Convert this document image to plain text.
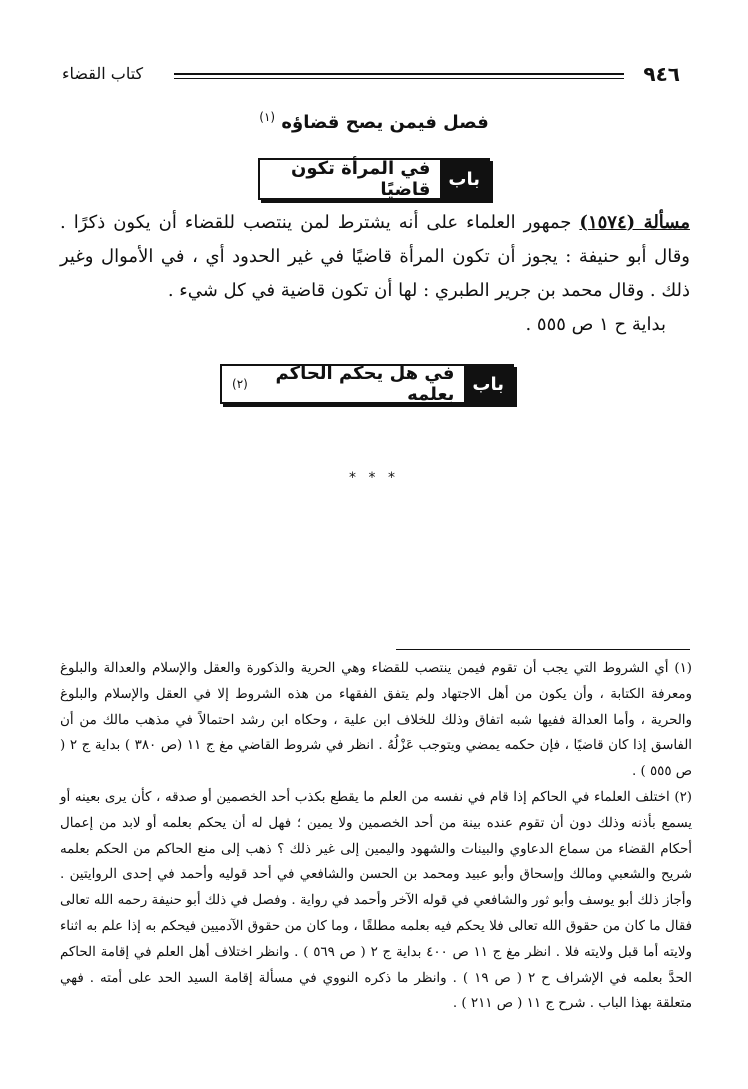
٩٤٦
كتاب القضاء
فصل فيمن يصح قضاؤه $^{(١)}$
باب
في المرأة تكون قاضيًا
مسألة (١٥٧٤) جمهور العلماء على أنه يشترط لمن ينتصب للقضاء أن يكون ذكرًا . وقال أبو حنيفة : يجوز أن تكون المرأة قاضيًا في غير الحدود أي ، في الأموال وغير ذلك . وقال محمد بن جرير الطبري : لها أن تكون قاضية في كل شيء .
بداية ح ١ ص ٥٥٥ .
باب
في هل يحكم الحاكم بعلمه

(٢)
* * *

(١) أي الشروط التي يجب أن تقوم فيمن ينتصب للقضاء وهي الحرية والذكورة والعقل والإسلام والعدالة والبلوغ ومعرفة الكتابة ، وأن يكون من أهل الاجتهاد ولم يتفق الفقهاء من هذه الشروط إلا في العقل والإسلام والبلوغ والحرية ، وأما العدالة ففيها شبه اتفاق وذلك للخلاف ابن علية ، وحكاه ابن رشد احتمالاً في مذهب مالك من أن الفاسق إذا كان قاضيًا ، فإن حكمه يمضي ويتوجب عَزْلُهُ . انظر في شروط القاضي مغ ج ١١ (ص ٣٨٠ ) بداية ج ٢ ( ص ٥٥٥ ) .

(٢) اختلف العلماء في الحاكم إذا قام في نفسه من العلم ما يقطع بكذب أحد الخصمين أو صدقه ، كأن يرى بعينه أو يسمع بأذنه وذلك دون أن تقوم عنده بينة من أحد الخصمين ولا يمين ؛ فهل له أن يحكم بعلمه أو لابد من إعمال أحكام القضاء من سماع الدعاوي والبينات والشهود واليمين إلى غير ذلك ؟ ذهب إلى منع الحاكم من الحكم بعلمه شريح والشعبي ومالك وإسحاق وأبو عبيد ومحمد بن الحسن والشافعي في أحد قوليه وأحمد في إحدى الروايتين . وأجاز ذلك أبو يوسف وأبو ثور والشافعي في قوله الآخر وأحمد في رواية . وفصل في ذلك أبو حنيفة رحمه الله تعالى فقال ما كان من حقوق الله تعالى فلا يحكم فيه بعلمه مطلقًا ، وما كان من حقوق الآدميين فيحكم به إذا علم به اثناء ولايته أما قبل ولايته فلا . انظر مغ ج ١١ ص ٤٠٠ بداية ج ٢ ( ص ٥٦٩ ) . وانظر اختلاف أهل العلم في إقامة الحاكم الحدَّ بعلمه في الإشراف ح ٢ ( ص ١٩ ) . وانظر ما ذكره النووي في مسألة إقامة السيد الحد على أمته . فهي متعلقة بهذا الباب . شرح ج ١١ ( ص ٢١١ ) .
